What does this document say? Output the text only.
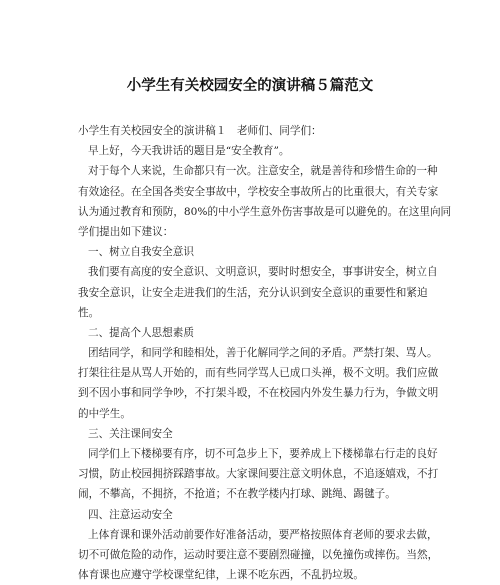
小学生有关校园安全的演讲稿５篇范文
小学生有关校园安全的演讲稿１　老师们、同学们：
早上好，今天我讲话的题目是“安全教育”。
对于每个人来说，生命都只有一次。注意安全，就是善待和珍惜生命的一种
有效途径。在全国各类安全事故中，学校安全事故所占的比重很大，有关专家
认为通过教育和预防，80%的中小学生意外伤害事故是可以避免的。在这里向同
学们提出如下建议：
一、树立自我安全意识
我们要有高度的安全意识、文明意识，要时时想安全，事事讲安全，树立自
我安全意识，让安全走进我们的生活，充分认识到安全意识的重要性和紧迫
性。
二、提高个人思想素质
团结同学，和同学和睦相处，善于化解同学之间的矛盾。严禁打架、骂人。
打架往往是从骂人开始的，而有些同学骂人已成口头禅，极不文明。我们应做
到不因小事和同学争吵，不打架斗殴，不在校园内外发生暴力行为，争做文明
的中学生。
三、关注课间安全
同学们上下楼梯要有序，切不可急步上下，要养成上下楼梯靠右行走的良好
习惯，防止校园拥挤踩踏事故。大家课间要注意文明休息，不追逐嬉戏，不打
闹，不攀高，不拥挤，不抢道；不在教学楼内打球、跳绳、踢毽子。
四、注意运动安全
上体育课和课外活动前要作好准备活动，要严格按照体育老师的要求去做，
切不可做危险的动作，运动时要注意不要剧烈碰撞，以免撞伤或摔伤。当然，
体育课也应遵守学校课堂纪律，上课不吃东西，不乱扔垃圾。
